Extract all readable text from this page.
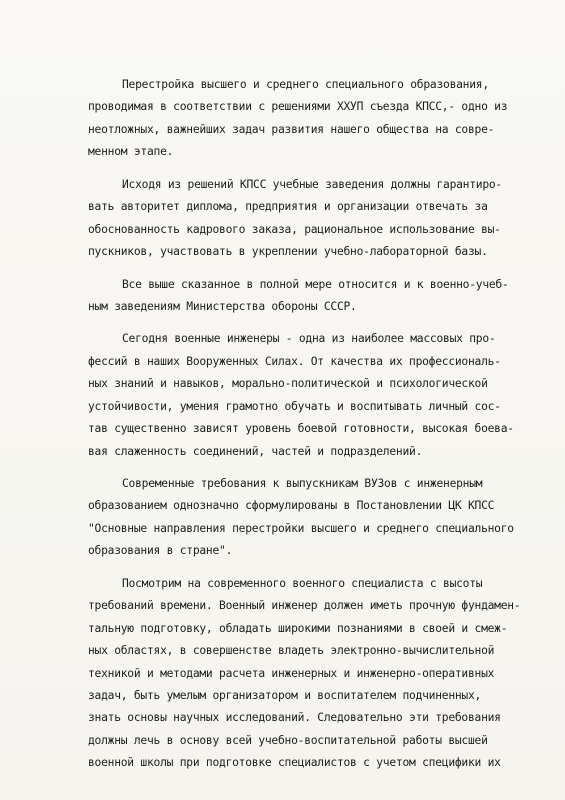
Перестройка высшего и среднего специального образования,
проводимая в соответствии с решениями ХХУП съезда КПСС,- одно из
неотложных, важнейших задач развития нашего общества на совре-
менном этапе.
Исходя из решений КПСС учебные заведения должны гарантиро-
вать авторитет диплома, предприятия и организации отвечать за
обоснованность кадрового заказа, рациональное использование вы-
пускников, участвовать в укреплении учебно-лабораторной базы.
Все выше сказанное в полной мере относится и к военно-учеб-
ным заведениям Министерства обороны СССР.
Сегодня военные инженеры - одна из наиболее массовых про-
фессий в наших Вооруженных Силах. От качества их профессиональ-
ных знаний и навыков, морально-политической и психологической
устойчивости, умения грамотно обучать и воспитывать личный сос-
тав существенно зависят уровень боевой готовности, высокая боева-
вая слаженность соединений, частей и подразделений.
Современные требования к выпускникам ВУЗов с инженерным
образованием однозначно сформулированы в Постановлении ЦК КПСС
"Основные направления перестройки высшего и среднего специального
образования в стране".
Посмотрим на современного военного специалиста с высоты
требований времени. Военный инженер должен иметь прочную фундамен-
тальную подготовку, обладать широкими познаниями в своей и смеж-
ных областях, в совершенстве владеть электронно-вычислительной
техникой и методами расчета инженерных и инженерно-оперативных
задач, быть умелым организатором и воспитателем подчиненных,
знать основы научных исследований. Следовательно эти требования
должны лечь в основу всей учебно-воспитательной работы высшей
военной школы при подготовке специалистов с учетом специфики их
